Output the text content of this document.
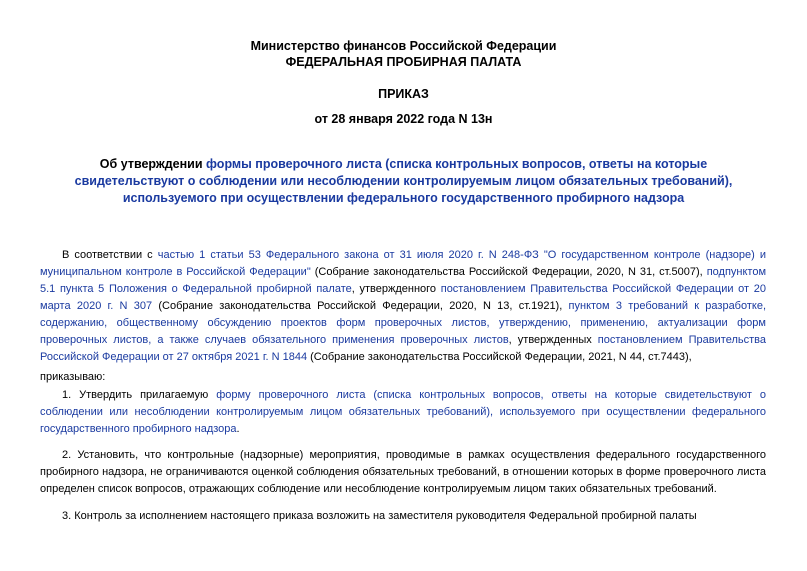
Министерство финансов Российской Федерации
ФЕДЕРАЛЬНАЯ ПРОБИРНАЯ ПАЛАТА
ПРИКАЗ
от 28 января 2022 года N 13н
Об утверждении формы проверочного листа (списка контрольных вопросов, ответы на которые свидетельствуют о соблюдении или несоблюдении контролируемым лицом обязательных требований), используемого при осуществлении федерального государственного пробирного надзора
В соответствии с частью 1 статьи 53 Федерального закона от 31 июля 2020 г. N 248-ФЗ "О государственном контроле (надзоре) и муниципальном контроле в Российской Федерации" (Собрание законодательства Российской Федерации, 2020, N 31, ст.5007), подпунктом 5.1 пункта 5 Положения о Федеральной пробирной палате, утвержденного постановлением Правительства Российской Федерации от 20 марта 2020 г. N 307 (Собрание законодательства Российской Федерации, 2020, N 13, ст.1921), пунктом 3 требований к разработке, содержанию, общественному обсуждению проектов форм проверочных листов, утверждению, применению, актуализации форм проверочных листов, а также случаев обязательного применения проверочных листов, утвержденных постановлением Правительства Российской Федерации от 27 октября 2021 г. N 1844 (Собрание законодательства Российской Федерации, 2021, N 44, ст.7443),
приказываю:
1. Утвердить прилагаемую форму проверочного листа (списка контрольных вопросов, ответы на которые свидетельствуют о соблюдении или несоблюдении контролируемым лицом обязательных требований), используемого при осуществлении федерального государственного пробирного надзора.
2. Установить, что контрольные (надзорные) мероприятия, проводимые в рамках осуществления федерального государственного пробирного надзора, не ограничиваются оценкой соблюдения обязательных требований, в отношении которых в форме проверочного листа определен список вопросов, отражающих соблюдение или несоблюдение контролируемым лицом таких обязательных требований.
3. Контроль за исполнением настоящего приказа возложить на заместителя руководителя Федеральной пробирной палаты
